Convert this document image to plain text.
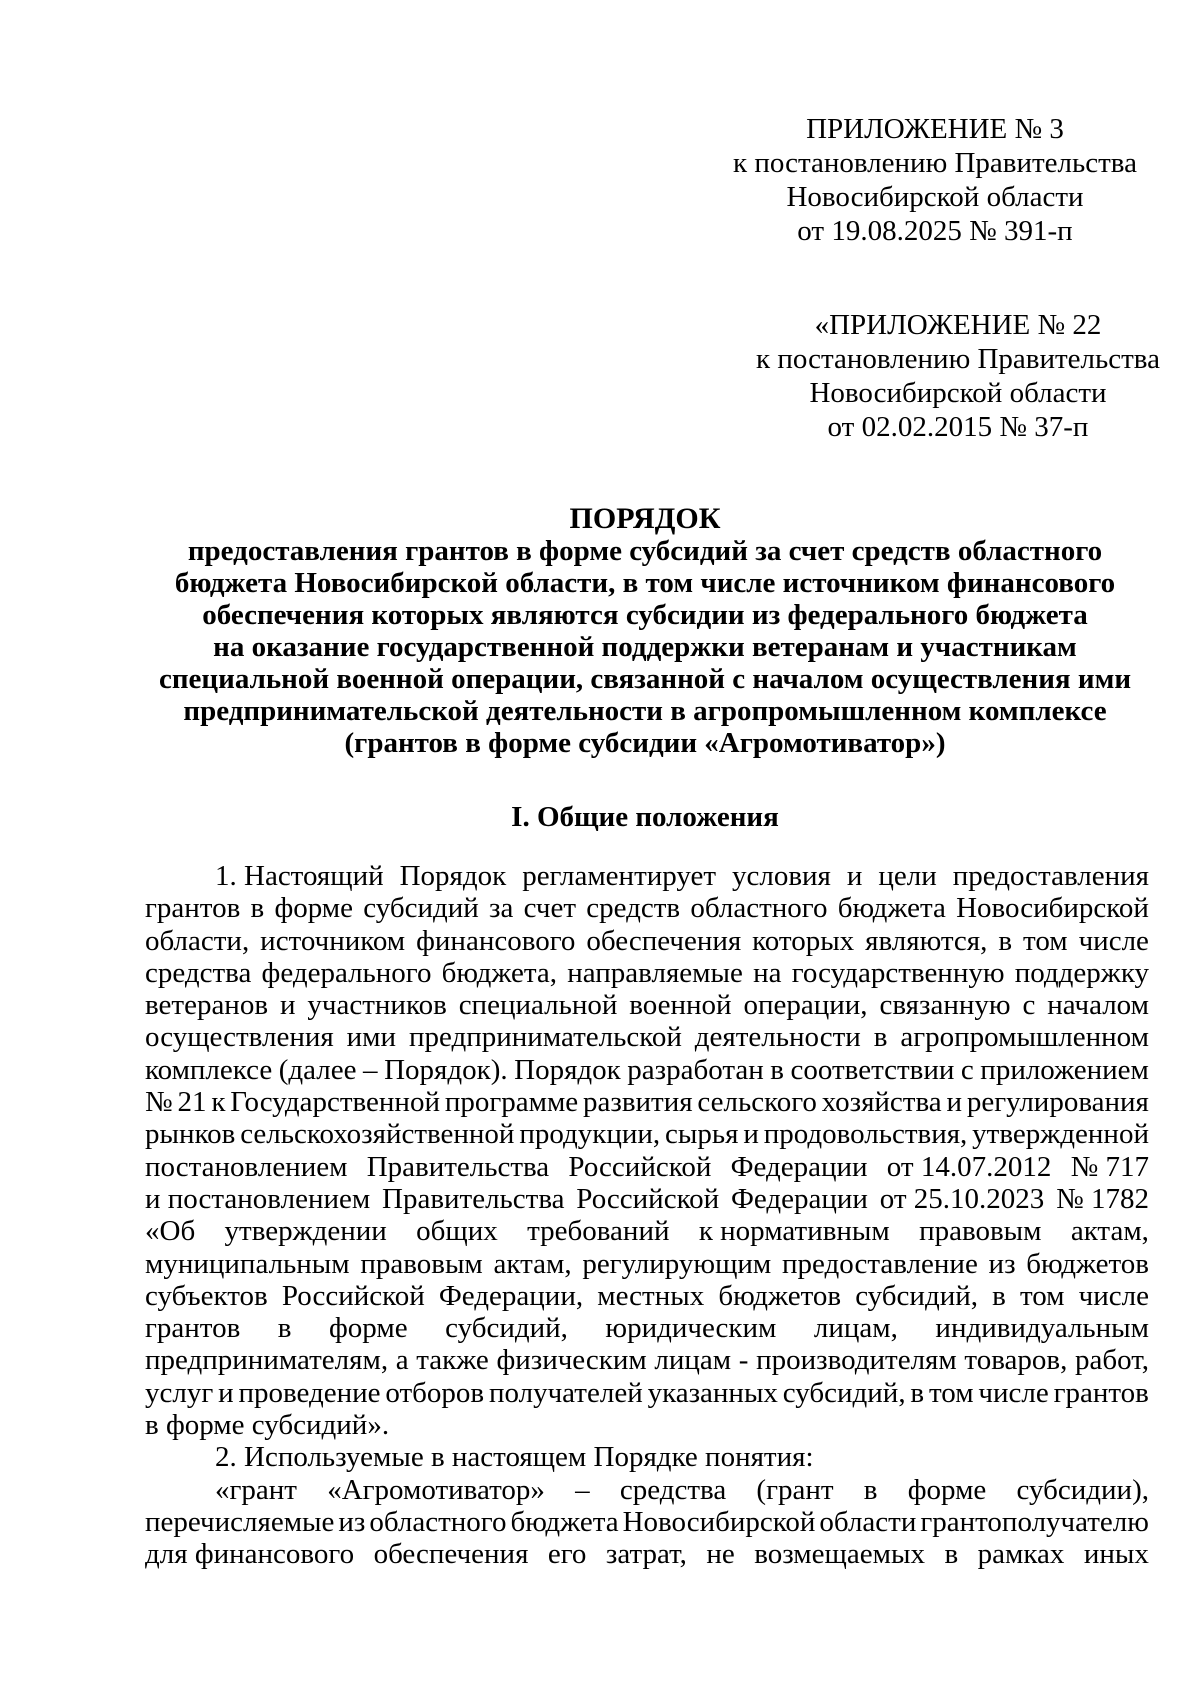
ПРИЛОЖЕНИЕ № 3
к постановлению Правительства
Новосибирской области
от 19.08.2025 № 391-п
«ПРИЛОЖЕНИЕ № 22
к постановлению Правительства
Новосибирской области
от 02.02.2015 № 37-п
ПОРЯДОК
предоставления грантов в форме субсидий за счет средств областного
бюджета Новосибирской области, в том числе источником финансового
обеспечения которых являются субсидии из федерального бюджета
на оказание государственной поддержки ветеранам и участникам
специальной военной операции, связанной с началом осуществления ими
предпринимательской деятельности в агропромышленном комплексе
(грантов в форме субсидии «Агромотиватор»)
I. Общие положения
1. Настоящий Порядок регламентирует условия и цели предоставления
грантов в форме субсидий за счет средств областного бюджета Новосибирской
области, источником финансового обеспечения которых являются, в том числе
средства федерального бюджета, направляемые на государственную поддержку
ветеранов и участников специальной военной операции, связанную с началом
осуществления ими предпринимательской деятельности в агропромышленном
комплексе (далее – Порядок). Порядок разработан в соответствии с приложением
№ 21 к Государственной программе развития сельского хозяйства и регулирования
рынков сельскохозяйственной продукции, сырья и продовольствия, утвержденной
постановлением Правительства Российской Федерации от 14.07.2012 № 717
и постановлением Правительства Российской Федерации от 25.10.2023 № 1782
«Об утверждении общих требований к нормативным правовым актам,
муниципальным правовым актам, регулирующим предоставление из бюджетов
субъектов Российской Федерации, местных бюджетов субсидий, в том числе
грантов в форме субсидий, юридическим лицам, индивидуальным
предпринимателям, а также физическим лицам - производителям товаров, работ,
услуг и проведение отборов получателей указанных субсидий, в том числе грантов
в форме субсидий».
2. Используемые в настоящем Порядке понятия:
«грант «Агромотиватор» – средства (грант в форме субсидии),
перечисляемые из областного бюджета Новосибирской области грантополучателю
для финансового обеспечения его затрат, не возмещаемых в рамках иных
